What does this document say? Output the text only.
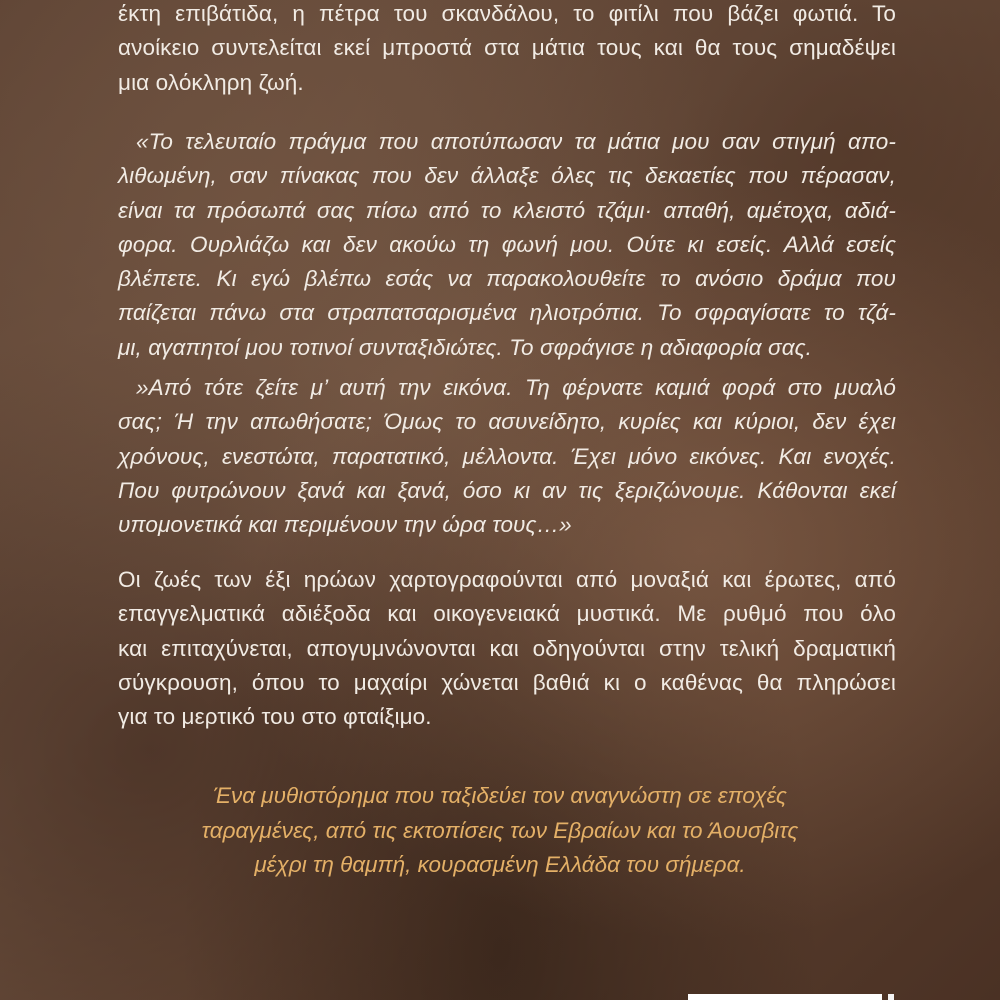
έκτη επιβάτιδα, η πέτρα του σκανδάλου, το φιτίλι που βάζει φωτιά. Το
ανοίκειο συντελείται εκεί μπροστά στα μάτια τους και θα τους σημαδέψει
μια ολόκληρη ζωή.

«Το τελευταίο πράγμα που αποτύπωσαν τα μάτια μου σαν στιγμή απο-
λιθωμένη, σαν πίνακας που δεν άλλαξε όλες τις δεκαετίες που πέρασαν,
είναι τα πρόσωπά σας πίσω από το κλειστό τζάμι· απαθή, αμέτοχα, αδιά-
φορα. Ουρλιάζω και δεν ακούω τη φωνή μου. Ούτε κι εσείς. Αλλά εσείς
βλέπετε. Κι εγώ βλέπω εσάς να παρακολουθείτε το ανόσιο δράμα που
παίζεται πάνω στα στραπατσαρισμένα ηλιοτρόπια. Το σφραγίσατε το τζά-
μι, αγαπητοί μου τοτινοί συνταξιδιώτες. Το σφράγισε η αδιαφορία σας.

»Από τότε ζείτε μ’ αυτή την εικόνα. Τη φέρνατε καμιά φορά στο μυαλό
σας; Ή την απωθήσατε; Όμως το ασυνείδητο, κυρίες και κύριοι, δεν έχει
χρόνους, ενεστώτα, παρατατικό, μέλλοντα. Έχει μόνο εικόνες. Και ενοχές.
Που φυτρώνουν ξανά και ξανά, όσο κι αν τις ξεριζώνουμε. Κάθονται εκεί
υπομονετικά και περιμένουν την ώρα τους…»

Οι ζωές των έξι ηρώων χαρτογραφούνται από μοναξιά και έρωτες, από
επαγγελματικά αδιέξοδα και οικογενειακά μυστικά. Με ρυθμό που όλο
και επιταχύνεται, απογυμνώνονται και οδηγούνται στην τελική δραματική
σύγκρουση, όπου το μαχαίρι χώνεται βαθιά κι ο καθένας θα πληρώσει
για το μερτικό του στο φταίξιμο.

Ένα μυθιστόρημα που ταξιδεύει τον αναγνώστη σε εποχές
ταραγμένες, από τις εκτοπίσεις των Εβραίων και το Άουσβιτς
μέχρι τη θαμπή, κουρασμένη Ελλάδα του σήμερα.
